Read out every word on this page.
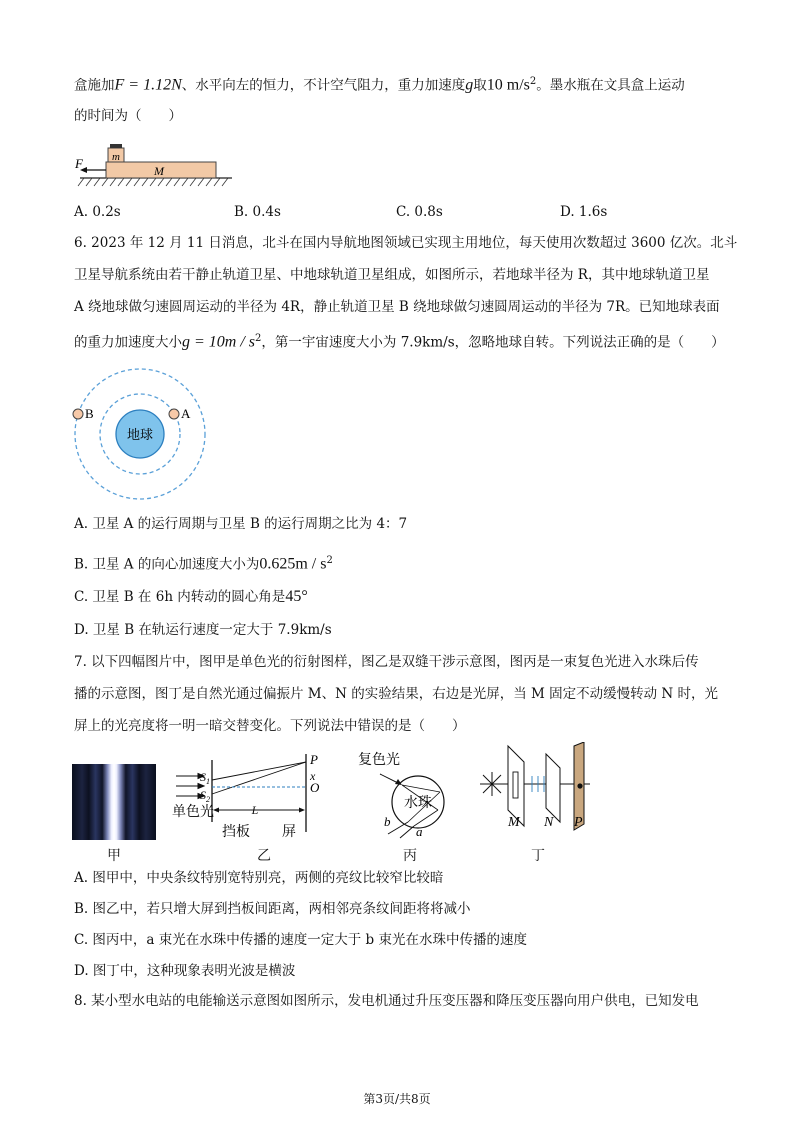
盒施加F = 1.12N、水平向左的恒力，不计空气阻力，重力加速度g取10 $m/s^2$。墨水瓶在文具盒上运动
的时间为（　　）
F	m
M
A. 0.2s	B. 0.4s	C. 0.8s	D. 1.6s
6. 2023 年 12 月 11 日消息，北斗在国内导航地图领域已实现主用地位，每天使用次数超过 3600 亿次。北斗
卫星导航系统由若干静止轨道卫星、中地球轨道卫星组成，如图所示，若地球半径为 R，其中地球轨道卫星
A 绕地球做匀速圆周运动的半径为 4R，静止轨道卫星 B 绕地球做匀速圆周运动的半径为 7R。已知地球表面
的重力加速度大小$g = 10m / s^2$，第一宇宙速度大小为 7.9km/s，忽略地球自转。下列说法正确的是（　　）
地球
A
B
A. 卫星 A 的运行周期与卫星 B 的运行周期之比为 4：7
B. 卫星 A 的向心加速度大小为$0.625m / s^2$
C. 卫星 B 在 6h 内转动的圆心角是45°
D. 卫星 B 在轨运行速度一定大于 7.9km/s
7. 以下四幅图片中，图甲是单色光的衍射图样，图乙是双缝干涉示意图，图丙是一束复色光进入水珠后传
播的示意图，图丁是自然光通过偏振片 M、N 的实验结果，右边是光屏，当 M 固定不动缓慢转动 N 时，光
屏上的光亮度将一明一暗交替变化。下列说法中错误的是（　　）
甲
$S_1$
$S_2$
P
x
O
L
单色光
挡板 屏
乙
复色光
水珠
b
a
丙
M N P
丁
A. 图甲中，中央条纹特别宽特别亮，两侧的亮纹比较窄比较暗
B. 图乙中，若只增大屏到挡板间距离，两相邻亮条纹间距将将减小
C. 图丙中，a 束光在水珠中传播的速度一定大于 b 束光在水珠中传播的速度
D. 图丁中，这种现象表明光波是横波
8. 某小型水电站的电能输送示意图如图所示，发电机通过升压变压器和降压变压器向用户供电，已知发电
第3页/共8页
